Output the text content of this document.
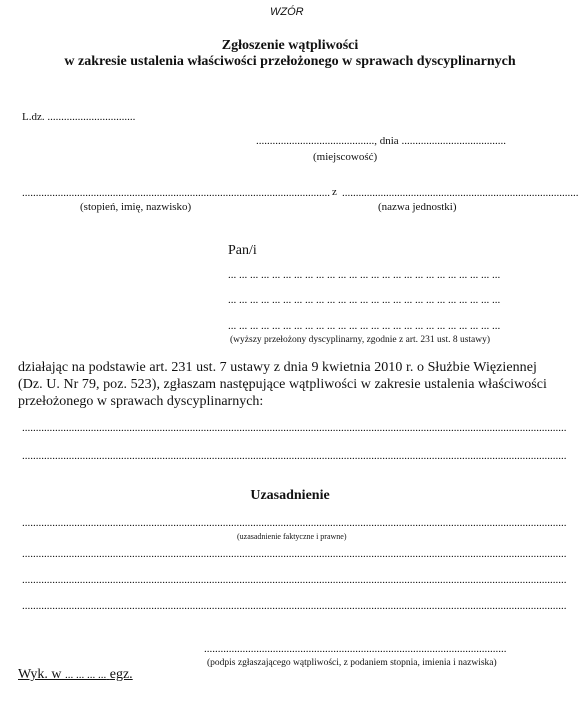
WZÓR
Zgłoszenie wątpliwości
w zakresie ustalenia właściwości przełożonego w sprawach dyscyplinarnych
L.dz. ................................
..........................................., dnia ......................................
(miejscowość)
................................................................................................................ z ......................................................................................
(stopień, imię, nazwisko)	(nazwa jednostki)
Pan/i
... ... ... ... ... ... ... ... ... ... ... ... ... ... ... ... ... ... ... ... ... ... ... ... ...
... ... ... ... ... ... ... ... ... ... ... ... ... ... ... ... ... ... ... ... ... ... ... ... ...
... ... ... ... ... ... ... ... ... ... ... ... ... ... ... ... ... ... ... ... ... ... ... ... ...
(wyższy przełożony dyscyplinarny, zgodnie z art. 231 ust. 8 ustawy)
działając na podstawie art. 231 ust. 7 ustawy z dnia 9 kwietnia 2010 r. o Służbie Więziennej
(Dz. U. Nr 79, poz. 523), zgłaszam następujące wątpliwości w zakresie ustalenia właściwości
przełożonego w sprawach dyscyplinarnych:
......................................................................................................................................................................................................
......................................................................................................................................................................................................
Uzasadnienie
......................................................................................................................................................................................................
(uzasadnienie faktyczne i prawne)
......................................................................................................................................................................................................
......................................................................................................................................................................................................
......................................................................................................................................................................................................
..............................................................................................................
(podpis zgłaszającego wątpliwości, z podaniem stopnia, imienia i nazwiska)
Wyk. w ... ... ... ... egz.
